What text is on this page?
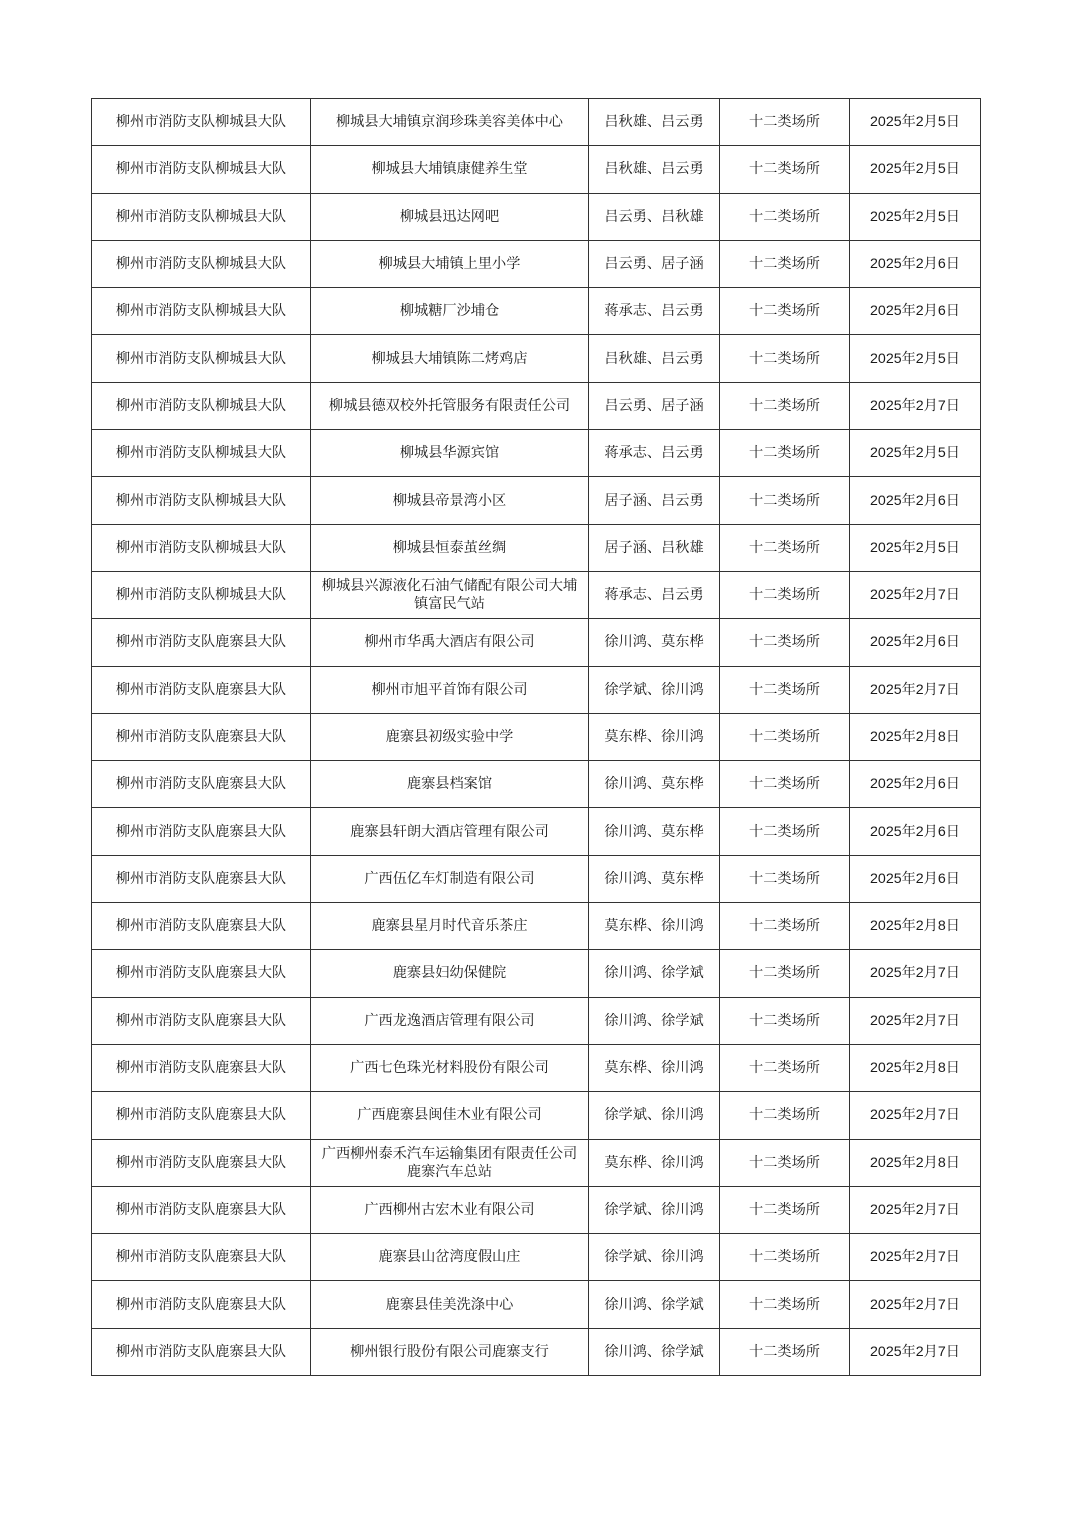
柳州市消防支队柳城县大队	柳城县大埔镇京润珍珠美容美体中心	吕秋雄、吕云勇	十二类场所	2025年2月5日
柳州市消防支队柳城县大队	柳城县大埔镇康健养生堂	吕秋雄、吕云勇	十二类场所	2025年2月5日
柳州市消防支队柳城县大队	柳城县迅达网吧	吕云勇、吕秋雄	十二类场所	2025年2月5日
柳州市消防支队柳城县大队	柳城县大埔镇上里小学	吕云勇、居子涵	十二类场所	2025年2月6日
柳州市消防支队柳城县大队	柳城糖厂沙埔仓	蒋承志、吕云勇	十二类场所	2025年2月6日
柳州市消防支队柳城县大队	柳城县大埔镇陈二烤鸡店	吕秋雄、吕云勇	十二类场所	2025年2月5日
柳州市消防支队柳城县大队	柳城县德双校外托管服务有限责任公司	吕云勇、居子涵	十二类场所	2025年2月7日
柳州市消防支队柳城县大队	柳城县华源宾馆	蒋承志、吕云勇	十二类场所	2025年2月5日
柳州市消防支队柳城县大队	柳城县帝景湾小区	居子涵、吕云勇	十二类场所	2025年2月6日
柳州市消防支队柳城县大队	柳城县恒泰茧丝绸	居子涵、吕秋雄	十二类场所	2025年2月5日
柳州市消防支队柳城县大队	柳城县兴源液化石油气储配有限公司大埔镇富民气站	蒋承志、吕云勇	十二类场所	2025年2月7日
柳州市消防支队鹿寨县大队	柳州市华禹大酒店有限公司	徐川鸿、莫东桦	十二类场所	2025年2月6日
柳州市消防支队鹿寨县大队	柳州市旭平首饰有限公司	徐学斌、徐川鸿	十二类场所	2025年2月7日
柳州市消防支队鹿寨县大队	鹿寨县初级实验中学	莫东桦、徐川鸿	十二类场所	2025年2月8日
柳州市消防支队鹿寨县大队	鹿寨县档案馆	徐川鸿、莫东桦	十二类场所	2025年2月6日
柳州市消防支队鹿寨县大队	鹿寨县轩朗大酒店管理有限公司	徐川鸿、莫东桦	十二类场所	2025年2月6日
柳州市消防支队鹿寨县大队	广西伍亿车灯制造有限公司	徐川鸿、莫东桦	十二类场所	2025年2月6日
柳州市消防支队鹿寨县大队	鹿寨县星月时代音乐茶庄	莫东桦、徐川鸿	十二类场所	2025年2月8日
柳州市消防支队鹿寨县大队	鹿寨县妇幼保健院	徐川鸿、徐学斌	十二类场所	2025年2月7日
柳州市消防支队鹿寨县大队	广西龙逸酒店管理有限公司	徐川鸿、徐学斌	十二类场所	2025年2月7日
柳州市消防支队鹿寨县大队	广西七色珠光材料股份有限公司	莫东桦、徐川鸿	十二类场所	2025年2月8日
柳州市消防支队鹿寨县大队	广西鹿寨县闽佳木业有限公司	徐学斌、徐川鸿	十二类场所	2025年2月7日
柳州市消防支队鹿寨县大队	广西柳州泰禾汽车运输集团有限责任公司鹿寨汽车总站	莫东桦、徐川鸿	十二类场所	2025年2月8日
柳州市消防支队鹿寨县大队	广西柳州古宏木业有限公司	徐学斌、徐川鸿	十二类场所	2025年2月7日
柳州市消防支队鹿寨县大队	鹿寨县山岔湾度假山庄	徐学斌、徐川鸿	十二类场所	2025年2月7日
柳州市消防支队鹿寨县大队	鹿寨县佳美洗涤中心	徐川鸿、徐学斌	十二类场所	2025年2月7日
柳州市消防支队鹿寨县大队	柳州银行股份有限公司鹿寨支行	徐川鸿、徐学斌	十二类场所	2025年2月7日
